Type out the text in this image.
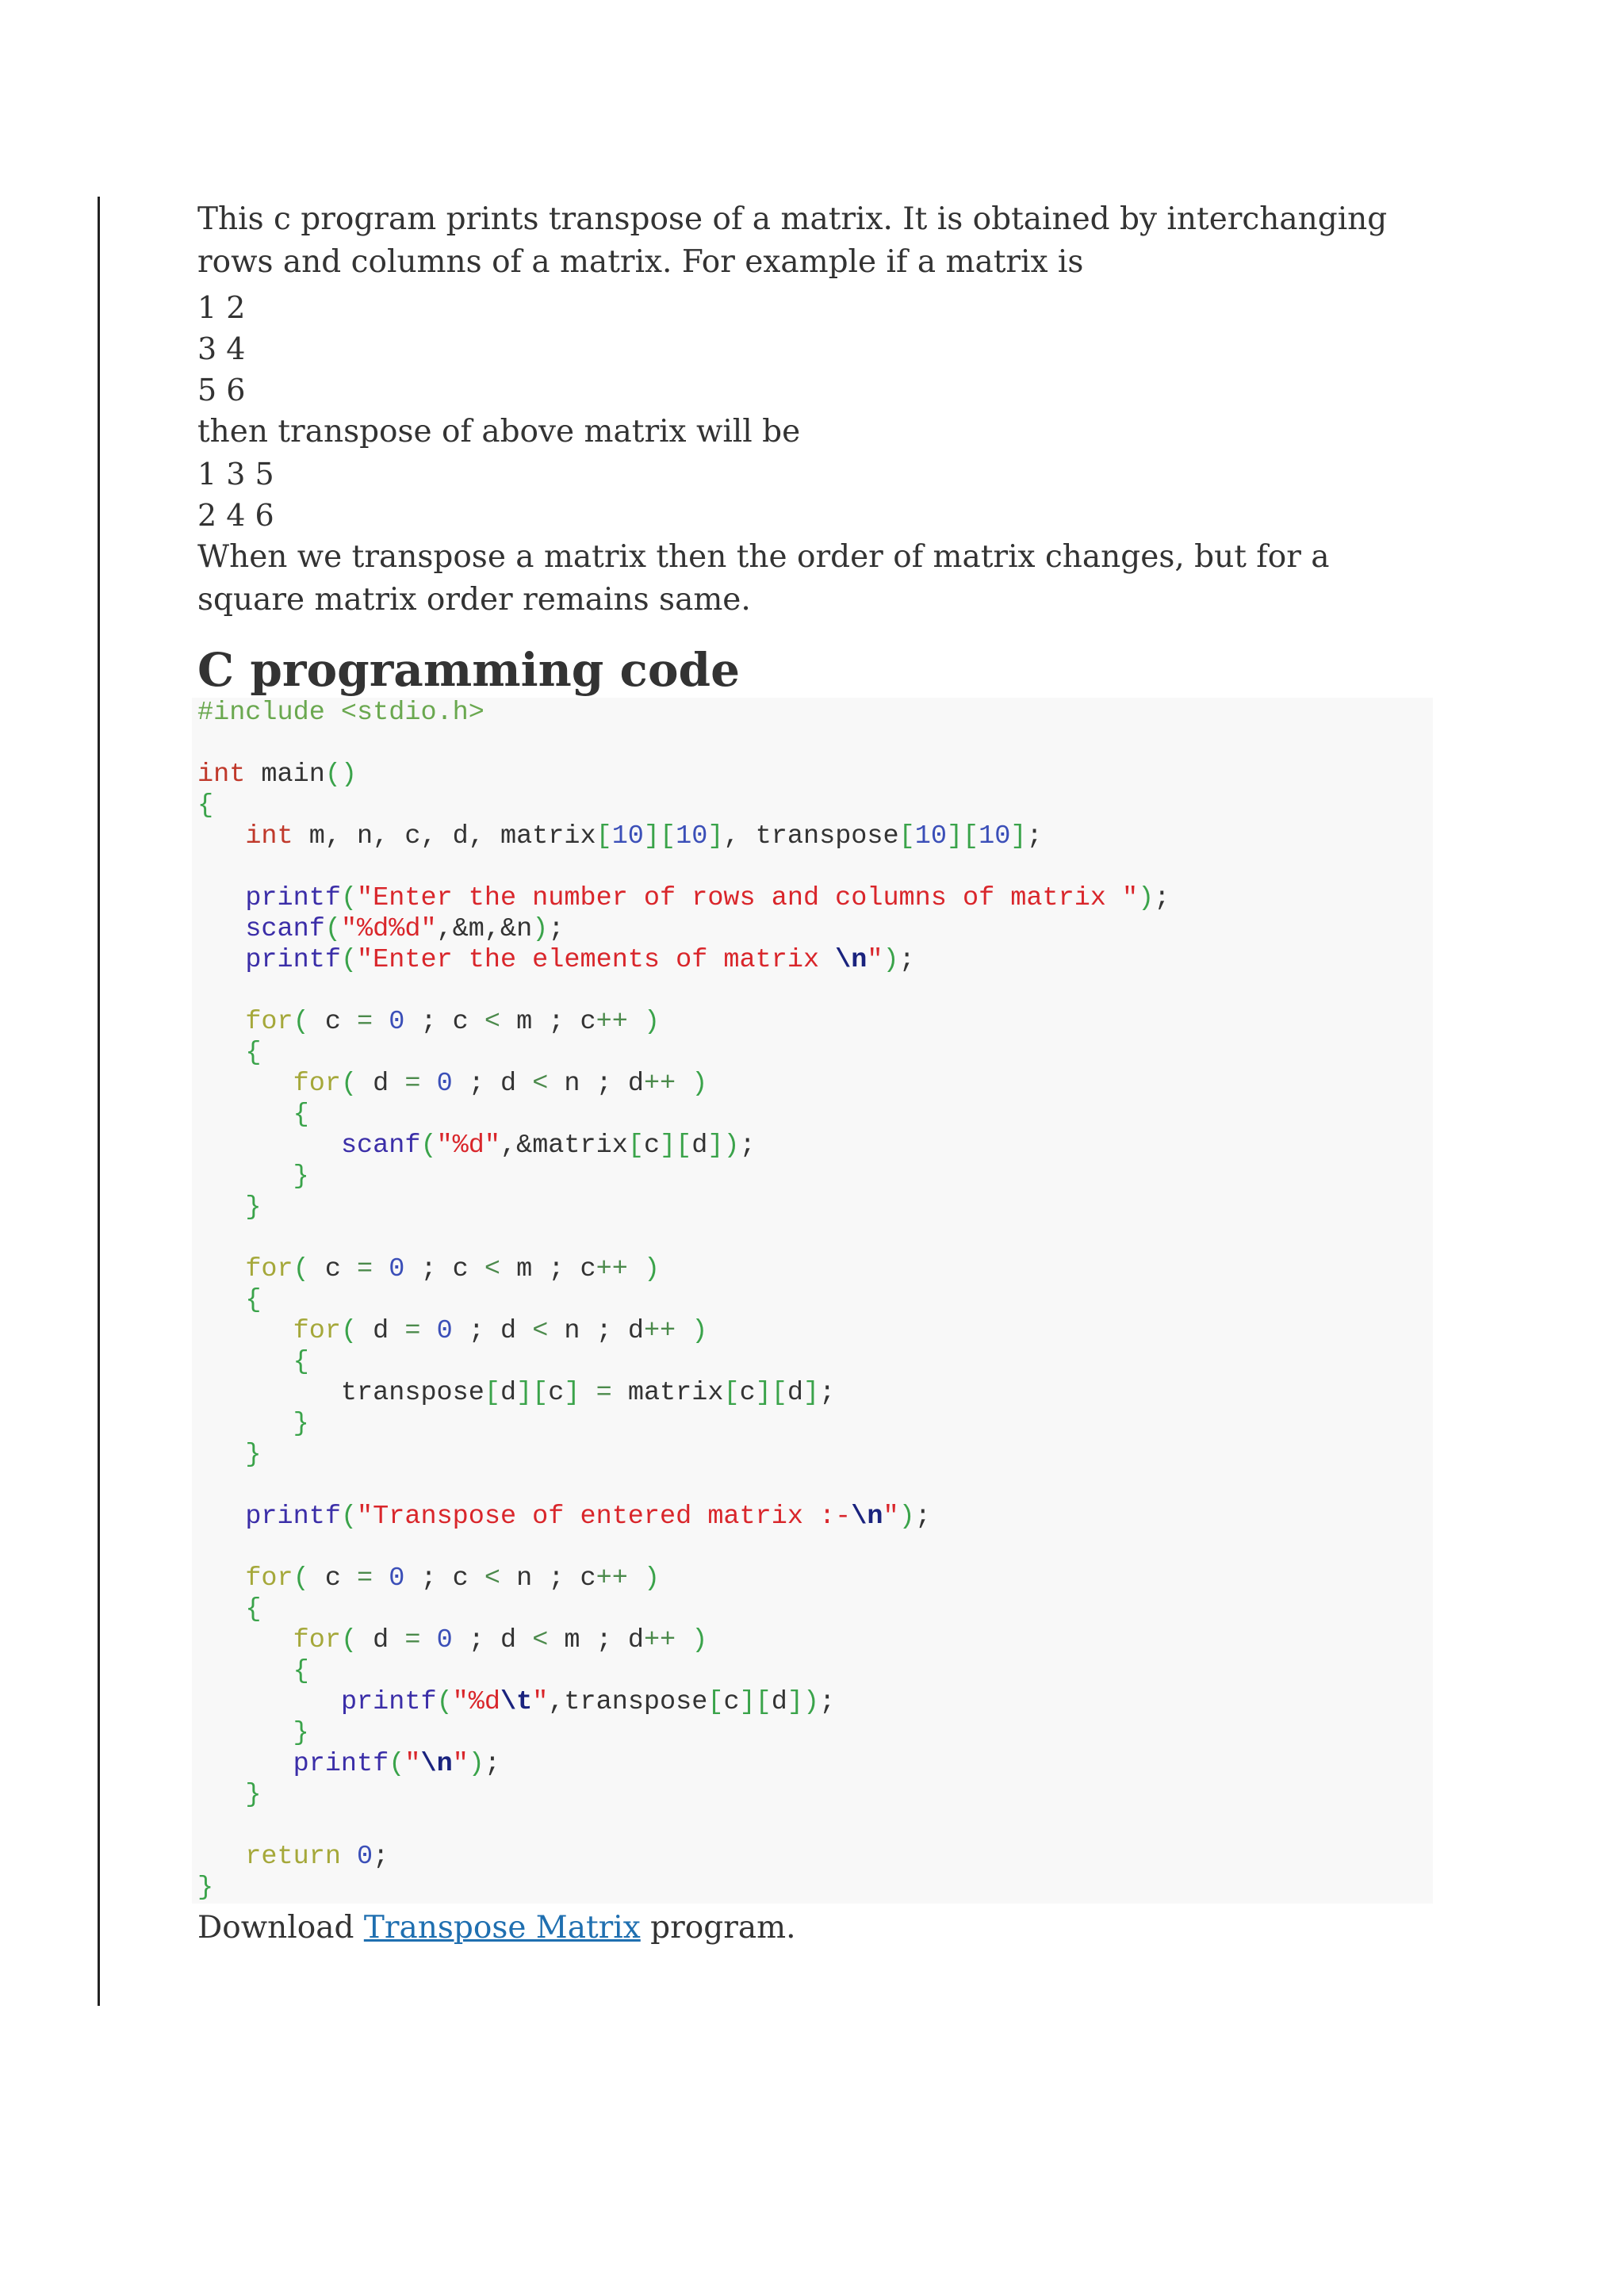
This c program prints transpose of a matrix. It is obtained by interchanging rows and columns of a matrix. For example if a matrix is

1 2

3 4

5 6

then transpose of above matrix will be

1 3 5

2 4 6

When we transpose a matrix then the order of matrix changes, but for a square matrix order remains same.

C programming code
#include <stdio.h>

int main()
{
int m, n, c, d, matrix[10][10], transpose[10][10];

printf("Enter the number of rows and columns of matrix ");
scanf("%d%d",&m,&n);
printf("Enter the elements of matrix \n");

for( c = 0 ; c < m ; c++ )
{
for( d = 0 ; d < n ; d++ )
{
scanf("%d",&matrix[c][d]);
}
}

for( c = 0 ; c < m ; c++ )
{
for( d = 0 ; d < n ; d++ )
{
transpose[d][c] = matrix[c][d];
}
}

printf("Transpose of entered matrix :-\n");

for( c = 0 ; c < n ; c++ )
{
for( d = 0 ; d < m ; d++ )
{
printf("%d\t",transpose[c][d]);
}
printf("\n");
}

return 0;
}

Download Transpose Matrix program.
